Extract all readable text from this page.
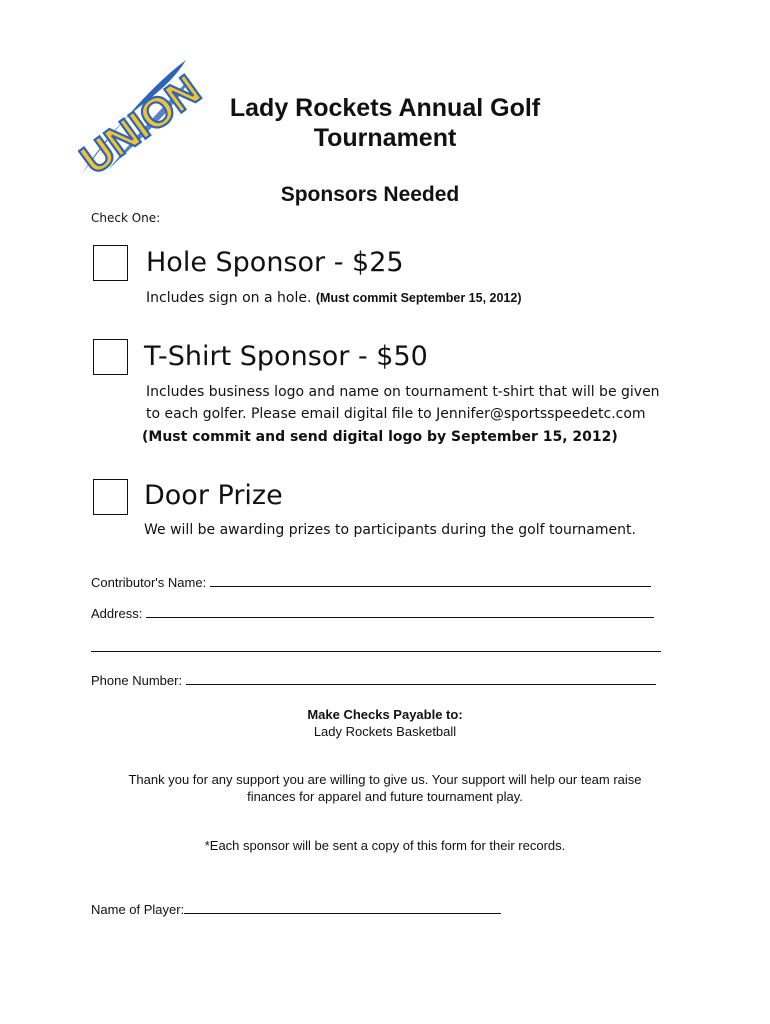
UNION Lady Rockets Annual Golf
Tournament
Sponsors Needed
Check One:
Hole Sponsor - $25
Includes sign on a hole. (Must commit September 15, 2012)
T-Shirt Sponsor - $50
Includes business logo and name on tournament t-shirt that will be given
to each golfer. Please email digital file to Jennifer@sportsspeedetc.com
(Must commit and send digital logo by September 15, 2012)
Door Prize
We will be awarding prizes to participants during the golf tournament.
Contributor's Name:
Address:
Phone Number:
Make Checks Payable to:
Lady Rockets Basketball
Thank you for any support you are willing to give us. Your support will help our team raise
finances for apparel and future tournament play.
*Each sponsor will be sent a copy of this form for their records.
Name of Player:
